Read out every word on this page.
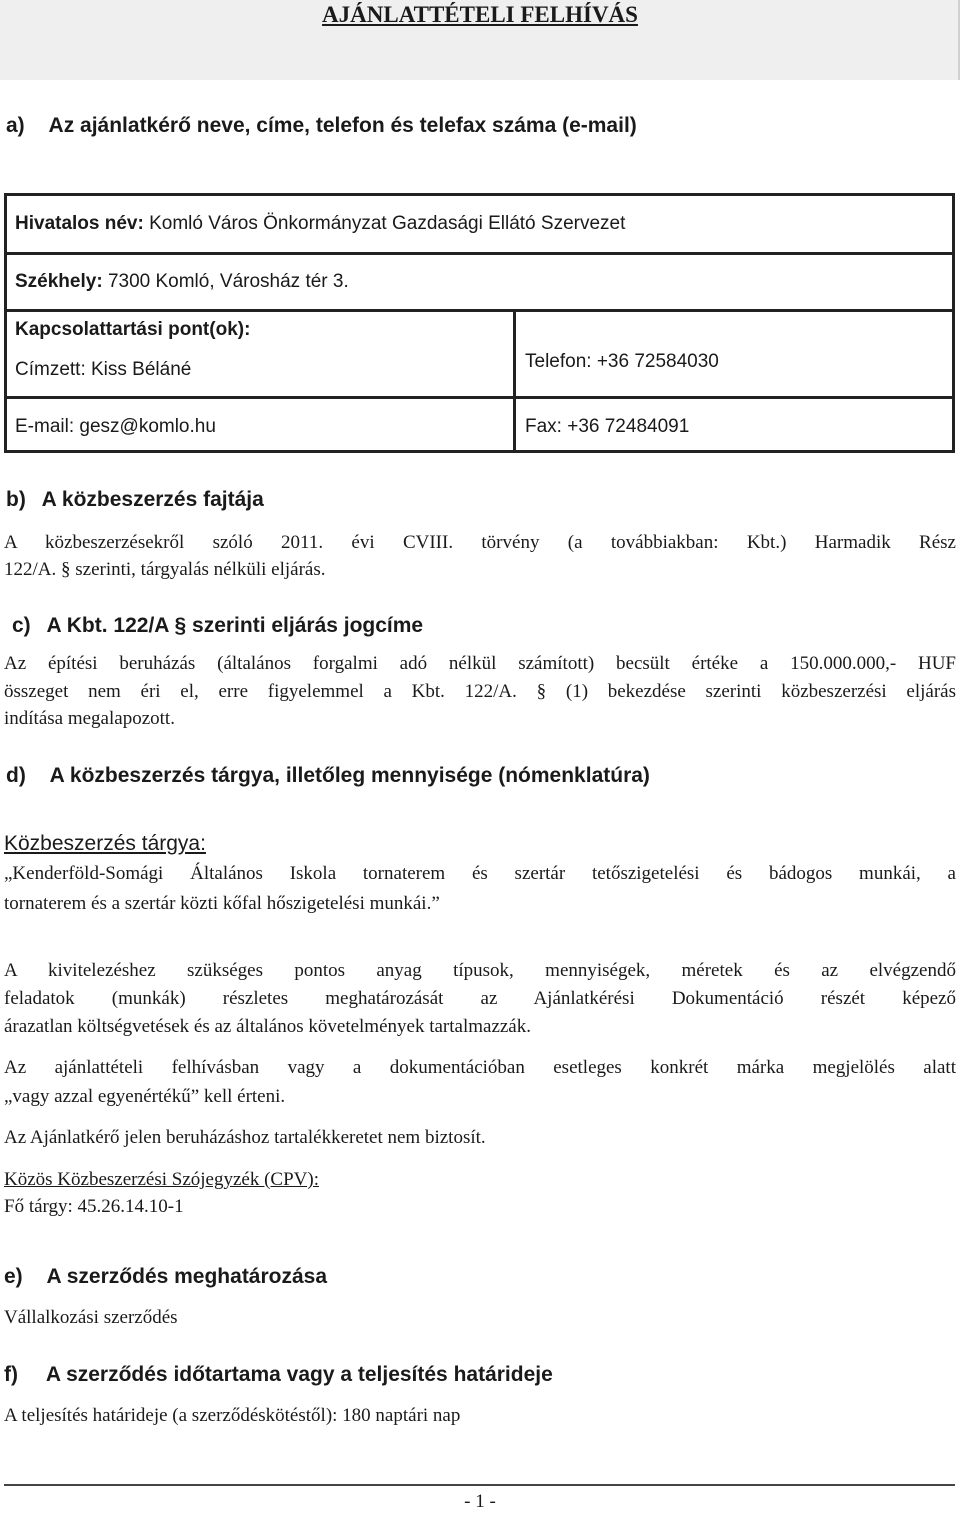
AJÁNLATTÉTELI FELHÍVÁS
a) Az ajánlatkérő neve, címe, telefon és telefax száma (e-mail)
Hivatalos név: Komló Város Önkormányzat Gazdasági Ellátó Szervezet
Székhely: 7300 Komló, Városház tér 3.
Kapcsolattartási pont(ok):
Címzett: Kiss Béláné	Telefon: +36 72584030
E-mail: gesz@komlo.hu	Fax: +36 72484091
b) A közbeszerzés fajtája
A közbeszerzésekről szóló 2011. évi CVIII. törvény (a továbbiakban: Kbt.) Harmadik Rész
122/A. § szerinti, tárgyalás nélküli eljárás.
c) A Kbt. 122/A § szerinti eljárás jogcíme
Az építési beruházás (általános forgalmi adó nélkül számított) becsült értéke a 150.000.000,- HUF
összeget nem éri el, erre figyelemmel a Kbt. 122/A. § (1) bekezdése szerinti közbeszerzési eljárás
indítása megalapozott.
d) A közbeszerzés tárgya, illetőleg mennyisége (nómenklatúra)
Közbeszerzés tárgya:
„Kenderföld-Somági Általános Iskola tornaterem és szertár tetőszigetelési és bádogos munkái, a
tornaterem és a szertár közti kőfal hőszigetelési munkái.”
A kivitelezéshez szükséges pontos anyag típusok, mennyiségek, méretek és az elvégzendő
feladatok (munkák) részletes meghatározását az Ajánlatkérési Dokumentáció részét képező
árazatlan költségvetések és az általános követelmények tartalmazzák.
Az ajánlattételi felhívásban vagy a dokumentációban esetleges konkrét márka megjelölés alatt
„vagy azzal egyenértékű” kell érteni.
Az Ajánlatkérő jelen beruházáshoz tartalékkeretet nem biztosít.
Közös Közbeszerzési Szójegyzék (CPV):
Fő tárgy: 45.26.14.10-1
e) A szerződés meghatározása
Vállalkozási szerződés
f) A szerződés időtartama vagy a teljesítés határideje
A teljesítés határideje (a szerződéskötéstől): 180 naptári nap
- 1 -
